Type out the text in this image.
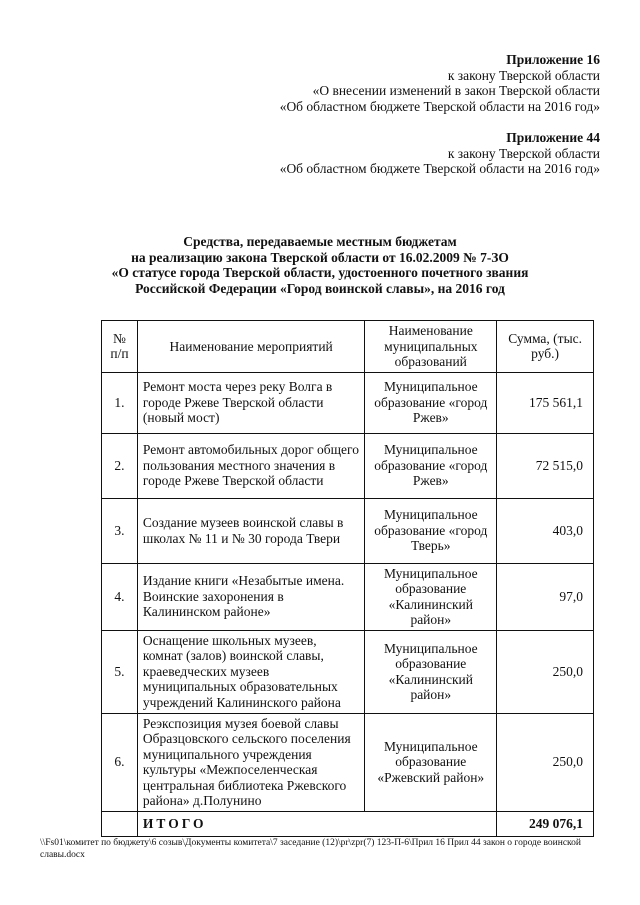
Приложение 16
к закону Тверской области
«О внесении изменений в закон Тверской области
«Об областном бюджете Тверской области на 2016 год»
Приложение 44
к закону Тверской области
«Об областном бюджете Тверской области на 2016 год»
Средства, передаваемые местным бюджетам
на реализацию закона Тверской области от 16.02.2009 № 7-ЗО
«О статусе города Тверской области, удостоенного почетного звания
Российской Федерации «Город воинской славы», на 2016 год
№ п/п	Наименование мероприятий	Наименование муниципальных образований	Сумма, (тыс. руб.)
1.	Ремонт моста через реку Волга в городе Ржеве Тверской области (новый мост)	Муниципальное образование «город Ржев»	175 561,1
2.	Ремонт автомобильных дорог общего пользования местного значения в городе Ржеве Тверской области	Муниципальное образование «город Ржев»	72 515,0
3.	Создание музеев воинской славы в школах № 11 и № 30 города Твери	Муниципальное образование «город Тверь»	403,0
4.	Издание книги «Незабытые имена. Воинские захоронения в Калининском районе»	Муниципальное образование «Калининский район»	97,0
5.	Оснащение школьных музеев, комнат (залов) воинской славы, краеведческих музеев муниципальных образовательных учреждений Калининского района	Муниципальное образование «Калининский район»	250,0
6.	Реэкспозиция музея боевой славы Образцовского сельского поселения муниципального учреждения культуры «Межпоселенческая центральная библиотека Ржевского района» д.Полунино	Муниципальное образование «Ржевский район»	250,0
	ИТОГО		249 076,1
\\Fs01\комитет по бюджету\6 созыв\Документы комитета\7 заседание (12)\pr\zpr(7) 123-П-6\Прил 16 Прил 44 закон о городе воинской славы.docx
